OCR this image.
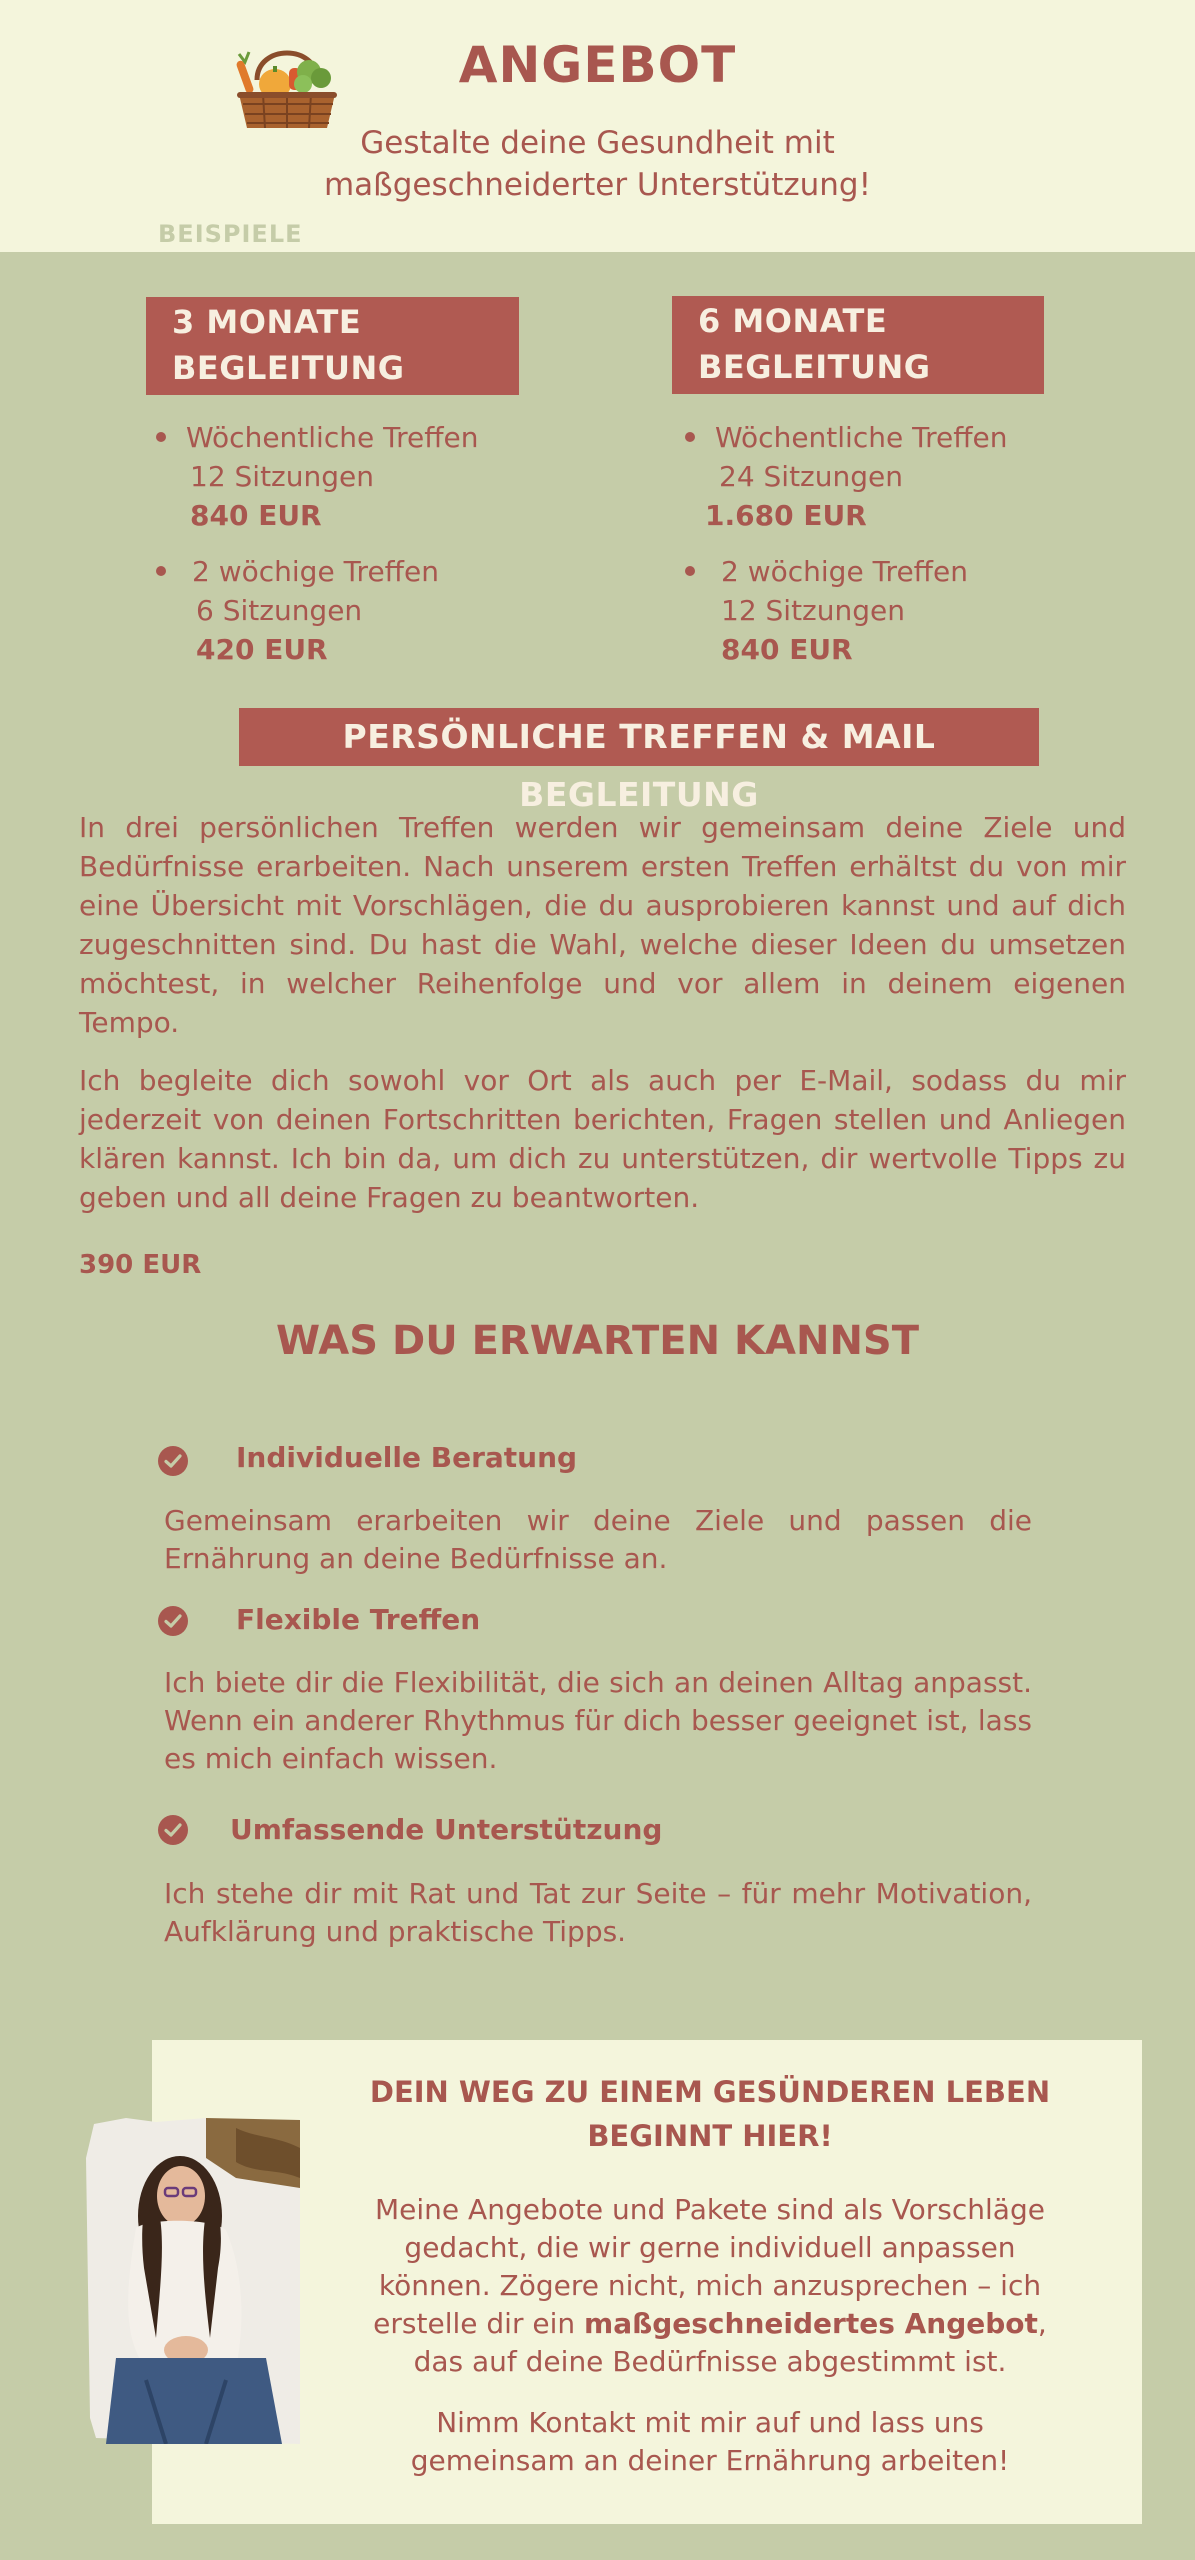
ANGEBOT
Gestalte deine Gesundheit mit maßgeschneiderter Unterstützung!
BEISPIELE
3 MONATE
BEGLEITUNG
Wöchentliche Treffen
12 Sitzungen
840 EUR
2 wöchige Treffen
6 Sitzungen
420 EUR
6 MONATE
BEGLEITUNG
Wöchentliche Treffen
24 Sitzungen
1.680 EUR
2 wöchige Treffen
12 Sitzungen
840 EUR
PERSÖNLICHE TREFFEN & MAIL BEGLEITUNG
In drei persönlichen Treffen werden wir gemeinsam deine Ziele und Bedürfnisse erarbeiten. Nach unserem ersten Treffen erhältst du von mir eine Übersicht mit Vorschlägen, die du ausprobieren kannst und auf dich zugeschnitten sind. Du hast die Wahl, welche dieser Ideen du umsetzen möchtest, in welcher Reihenfolge und vor allem in deinem eigenen Tempo.
Ich begleite dich sowohl vor Ort als auch per E-Mail, sodass du mir jederzeit von deinen Fortschritten berichten, Fragen stellen und Anliegen klären kannst. Ich bin da, um dich zu unterstützen, dir wertvolle Tipps zu geben und all deine Fragen zu beantworten.
390 EUR
WAS DU ERWARTEN KANNST
Individuelle Beratung
Gemeinsam erarbeiten wir deine Ziele und passen die Ernährung an deine Bedürfnisse an.
Flexible Treffen
Ich biete dir die Flexibilität, die sich an deinen Alltag anpasst. Wenn ein anderer Rhythmus für dich besser geeignet ist, lass es mich einfach wissen.
Umfassende Unterstützung
Ich stehe dir mit Rat und Tat zur Seite – für mehr Motivation, Aufklärung und praktische Tipps.
DEIN WEG ZU EINEM GESÜNDEREN LEBEN
BEGINNT HIER!
Meine Angebote und Pakete sind als Vorschläge gedacht, die wir gerne individuell anpassen können. Zögere nicht, mich anzusprechen – ich erstelle dir ein maßgeschneidertes Angebot, das auf deine Bedürfnisse abgestimmt ist.
Nimm Kontakt mit mir auf und lass uns gemeinsam an deiner Ernährung arbeiten!
